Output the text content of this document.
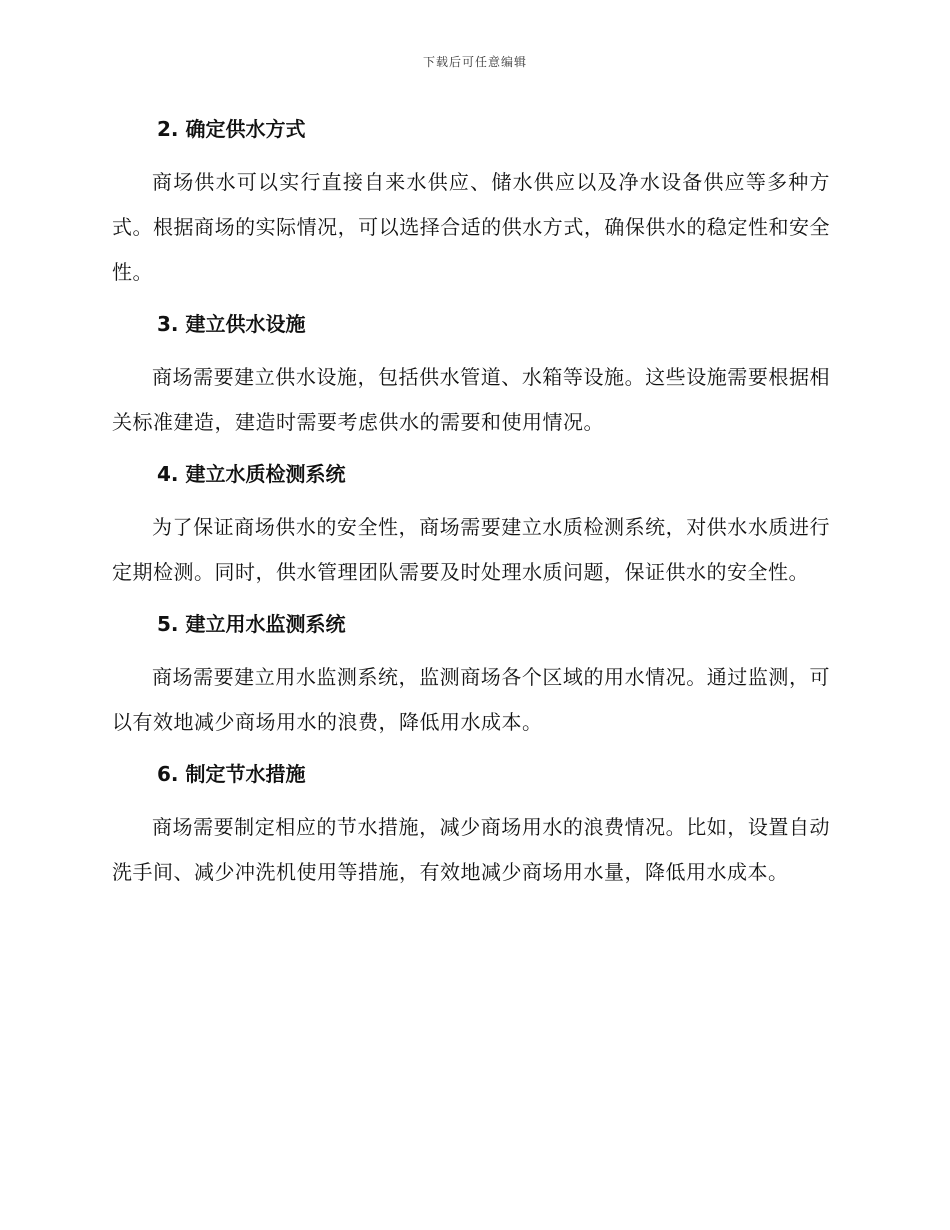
下载后可任意编辑
2. 确定供水方式

商场供水可以实行直接自来水供应、储水供应以及净水设备供应等多种方式。根据商场的实际情况，可以选择合适的供水方式，确保供水的稳定性和安全性。

3. 建立供水设施

商场需要建立供水设施，包括供水管道、水箱等设施。这些设施需要根据相关标准建造，建造时需要考虑供水的需要和使用情况。

4. 建立水质检测系统

为了保证商场供水的安全性，商场需要建立水质检测系统，对供水水质进行定期检测。同时，供水管理团队需要及时处理水质问题，保证供水的安全性。

5. 建立用水监测系统

商场需要建立用水监测系统，监测商场各个区域的用水情况。通过监测，可以有效地减少商场用水的浪费，降低用水成本。

6. 制定节水措施

商场需要制定相应的节水措施，减少商场用水的浪费情况。比如，设置自动洗手间、减少冲洗机使用等措施，有效地减少商场用水量，降低用水成本。
